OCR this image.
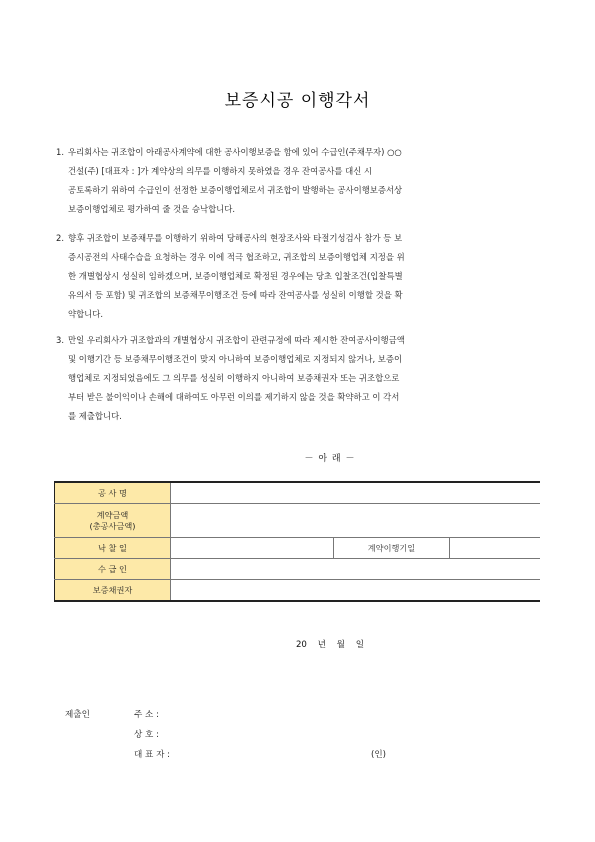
보증시공 이행각서
1. 우리회사는 귀조합이 아래공사계약에 대한 공사이행보증을 함에 있어 수급인(주채무자) ○○
건설(주) [대표자 : ]가 계약상의 의무를 이행하지 못하였을 경우 잔여공사를 대신 시
공토록하기 위하여 수급인이 선정한 보증이행업체로서 귀조합이 발행하는 공사이행보증서상
보증이행업체로 평가하여 줄 것을 승낙합니다.
2. 향후 귀조합이 보증채무를 이행하기 위하여 당해공사의 현장조사와 타절기성검사 참가 등 보
증시공전의 사태수습을 요청하는 경우 이에 적극 협조하고, 귀조합의 보증이행업체 지정을 위
한 개별협상시 성실히 임하겠으며, 보증이행업체로 확정된 경우에는 당초 입찰조건(입찰특별
유의서 등 포함) 및 귀조합의 보증채무이행조건 등에 따라 잔여공사를 성실히 이행할 것을 확
약합니다.
3. 만일 우리회사가 귀조합과의 개별협상시 귀조합이 관련규정에 따라 제시한 잔여공사이행금액
및 이행기간 등 보증채무이행조건이 맞지 아니하여 보증이행업체로 지정되지 않거나, 보증이
행업체로 지정되었음에도 그 의무를 성실히 이행하지 아니하여 보증채권자 또는 귀조합으로
부터 받은 불이익이나 손해에 대하여도 아무런 이의를 제기하지 않을 것을 확약하고 이 각서
를 제출합니다.
－ 아 래 －
공 사 명			

계약금액
(총공사금액)			

낙 찰 일		계약이행기일	
수 급 인			
보증채권자			
20 년 월 일
제출인	주 소 :
상 호 :
대 표 자 :	(인)
